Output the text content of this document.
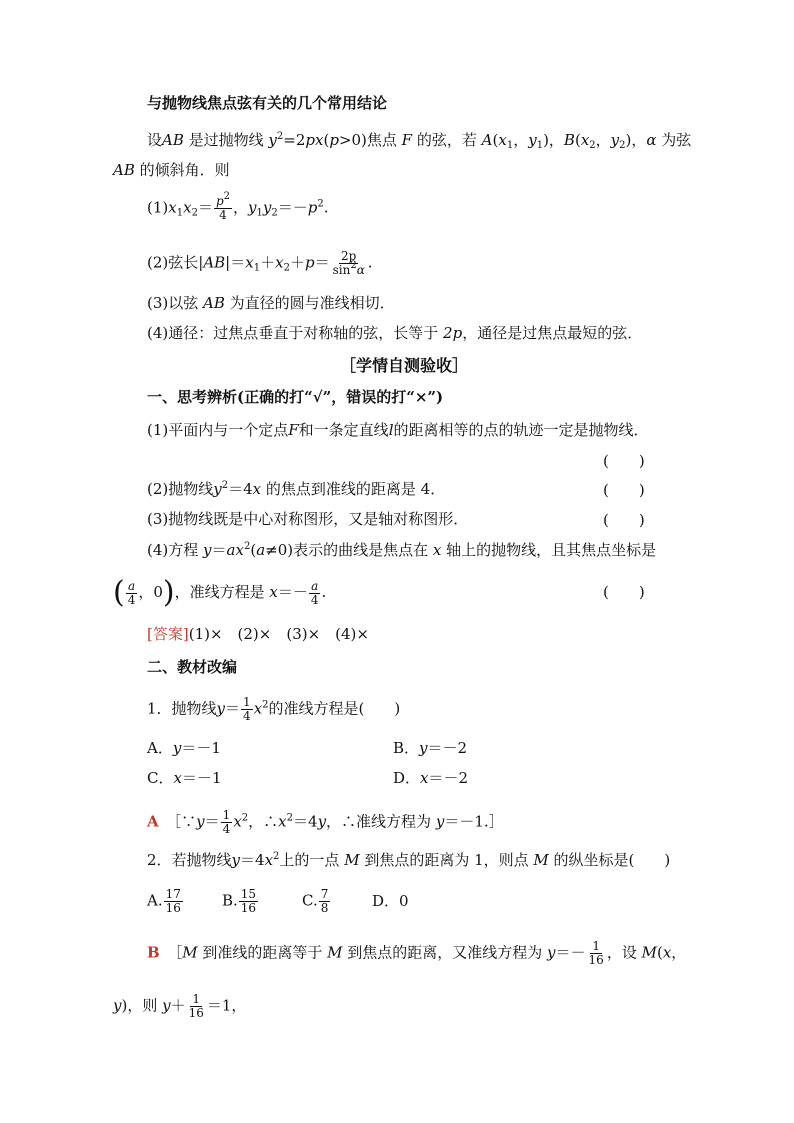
与抛物线焦点弦有关的几个常用结论
设AB 是过抛物线 $y^2=2px(p>0)$焦点 F 的弦，若 $A(x_1$，$y_1$)，$B(x_2$，$y_2$)，α 为弦
AB 的倾斜角．则
$(1)x_1x_2= \frac{p^2}{4}$ ，$y_1y_2=-p^2$.
(2)弦长$|AB|=x_1+x_2+p= \frac{2p}{\sin^2\alpha}$ .
(3)以弦 AB 为直径的圆与准线相切．
(4)通径：过焦点垂直于对称轴的弦，长等于 2p，通径是过焦点最短的弦．
［学情自测验收］
一、思考辨析(正确的打“√”，错误的打“×”)
(1)平面内与一个定点F和一条定直线l的距离相等的点的轨迹一定是抛物线．
(　　)
(2)抛物线$y^2=4x$ 的焦点到准线的距离是 4．	(　　)
(3)抛物线既是中心对称图形，又是轴对称图形．	(　　)
(4)方程 $y=ax^2(a\ne 0)$表示的曲线是焦点在 x 轴上的抛物线，且其焦点坐标是
( $\frac{a}{4}$ ，0)，准线方程是 $x=- \frac{a}{4}$ .	(　　)
[答案](1)×　(2)×　(3)×　(4)×
二、教材改编
1．抛物线$y= \frac{1}{4} x^2$的准线方程是(　　)
A．y＝－1	B．y＝－2
C．x＝－1	D．x＝－2
A　 ［∵y＝ $\frac{1}{4} x^2$，$\therefore x^2=4y$，∴准线方程为 y＝－1.］
2．若抛物线$y=4x^2$上的一点 M 到焦点的距离为 1，则点 M 的纵坐标是(　　)
A. $\frac{17}{16}$	B. $\frac{15}{16}$	C. $\frac{7}{8}$	D．0
B　 ［M 到准线的距离等于 M 到焦点的距离，又准线方程为 $y=- \frac{1}{16}$ ，设 M(x，
y)，则 $y+ \frac{1}{16} =1$，
